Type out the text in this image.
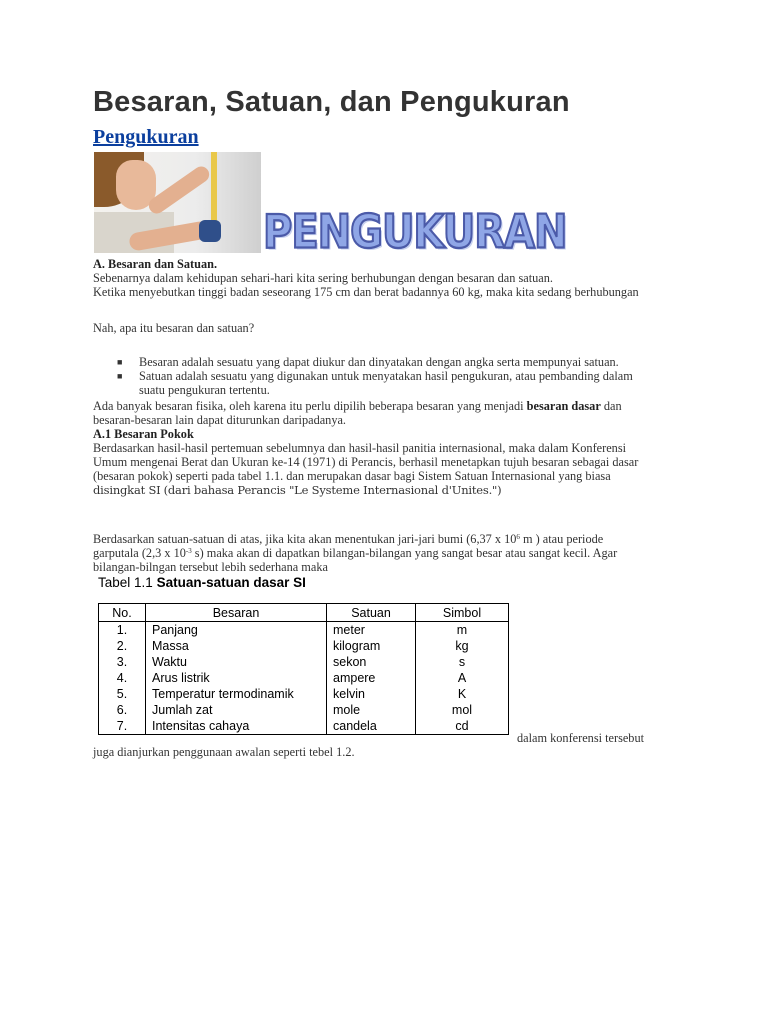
Besaran, Satuan, dan Pengukuran
Pengukuran
PENGUKURAN
A. Besaran dan Satuan.
Sebenarnya dalam kehidupan sehari-hari kita sering berhubungan dengan besaran dan satuan.
Ketika menyebutkan tinggi badan seseorang 175 cm dan berat badannya 60 kg, maka kita sedang berhubungan
Nah, apa itu besaran dan satuan?
■ Besaran adalah sesuatu yang dapat diukur dan dinyatakan dengan angka serta mempunyai satuan.
■ Satuan adalah sesuatu yang digunakan untuk menyatakan hasil pengukuran, atau pembanding dalam
suatu pengukuran tertentu.
Ada banyak besaran fisika, oleh karena itu perlu dipilih beberapa besaran yang menjadi besaran dasar dan
besaran-besaran lain dapat diturunkan daripadanya.
A.1 Besaran Pokok
Berdasarkan hasil-hasil pertemuan sebelumnya dan hasil-hasil panitia internasional, maka dalam Konferensi
Umum mengenai Berat dan Ukuran ke-14 (1971) di Perancis, berhasil menetapkan tujuh besaran sebagai dasar
(besaran pokok) seperti pada tabel 1.1. dan merupakan dasar bagi Sistem Satuan Internasional yang biasa
disingkat SI (dari bahasa Perancis "Le Systeme Internasional d'Unites.")
Berdasarkan satuan-satuan di atas, jika kita akan menentukan jari-jari bumi (6,37 x $10^6$ m ) atau periode
garputala (2,3 x $10^{-3}$ s) maka akan di dapatkan bilangan-bilangan yang sangat besar atau sangat kecil. Agar
bilangan-bilngan tersebut lebih sederhana maka
Tabel 1.1 Satuan-satuan dasar SI
No.	Besaran	Satuan	Simbol
1.	Panjang	meter	m
2.	Massa	kilogram	kg
3.	Waktu	sekon	s
4.	Arus listrik	ampere	A
5.	Temperatur termodinamik	kelvin	K
6.	Jumlah zat	mole	mol
7.	Intensitas cahaya	candela	cd
dalam konferensi tersebut
juga dianjurkan penggunaan awalan seperti tebel 1.2.
